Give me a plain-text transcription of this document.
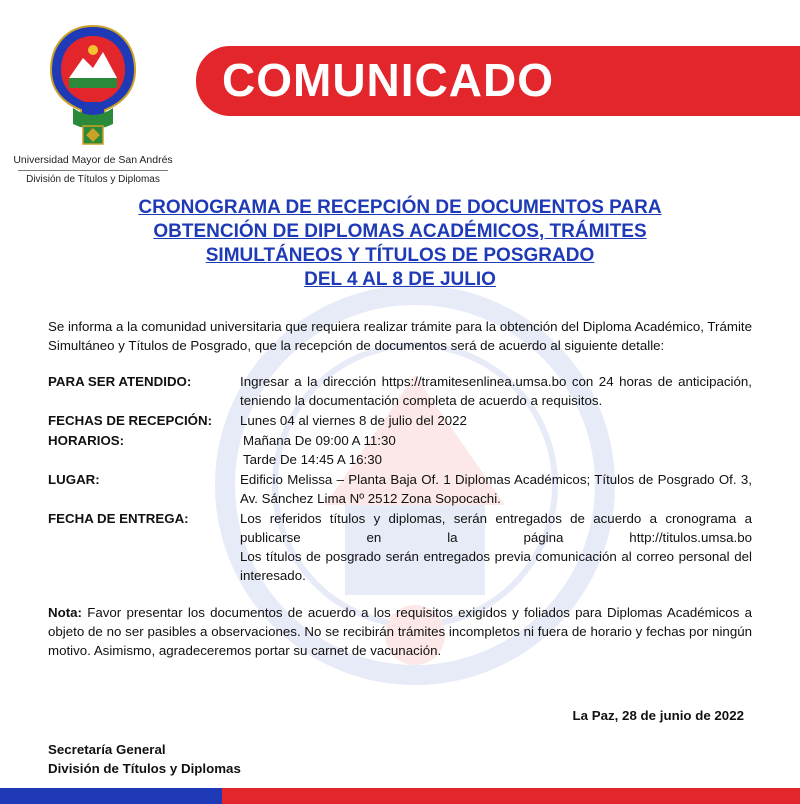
Universidad Mayor de San Andrés
División de Títulos y Diplomas
COMUNICADO
CRONOGRAMA DE RECEPCIÓN DE DOCUMENTOS PARA
OBTENCIÓN DE DIPLOMAS ACADÉMICOS, TRÁMITES
SIMULTÁNEOS Y TÍTULOS DE POSGRADO
DEL 4 AL 8 DE JULIO

Se informa a la comunidad universitaria que requiera realizar trámite para la obtención del Diploma Académico, Trámite Simultáneo y Títulos de Posgrado, que la recepción de documentos será de acuerdo al siguiente detalle:

PARA SER ATENDIDO:	Ingresar a la dirección https://tramitesenlinea.umsa.bo con 24 horas de anticipación, teniendo la documentación completa de acuerdo a requisitos.
FECHAS DE RECEPCIÓN:	Lunes 04 al viernes 8 de julio del 2022
HORARIOS:	Mañana De 09:00 A 11:30
Tarde De 14:45 A 16:30
LUGAR:	Edificio Melissa – Planta Baja Of. 1 Diplomas Académicos; Títulos de Posgrado Of. 3, Av. Sánchez Lima Nº 2512 Zona Sopocachi.
FECHA DE ENTREGA:	Los referidos títulos y diplomas, serán entregados de acuerdo a cronograma a publicarse en la página http://titulos.umsa.bo

Los títulos de posgrado serán entregados previa comunicación al correo personal del interesado.

Nota: Favor presentar los documentos de acuerdo a los requisitos exigidos y foliados para Diplomas Académicos a objeto de no ser pasibles a observaciones. No se recibirán trámites incompletos ni fuera de horario y fechas por ningún motivo. Asimismo, agradeceremos portar su carnet de vacunación.

La Paz, 28 de junio de 2022
Secretaría General
División de Títulos y Diplomas
